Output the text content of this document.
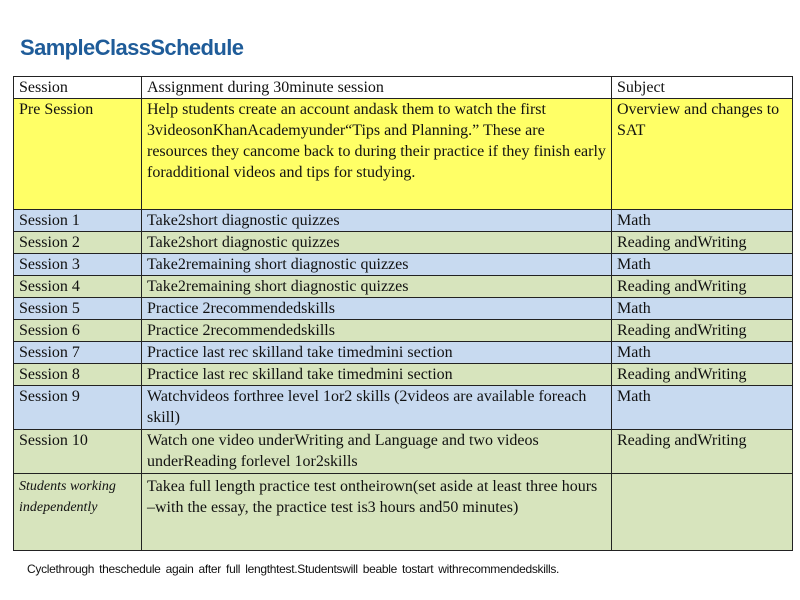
SampleClassSchedule
Session	Assignment during 30minute session	Subject
Pre Session	Help students create an account andask them to watch the first 3videosonKhanAcademyunder“Tips and Planning.” These are resources they cancome back to during their practice if they finish early foradditional videos and tips for studying.	Overview and changes to SAT
Session 1	Take2short diagnostic quizzes	Math
Session 2	Take2short diagnostic quizzes	Reading andWriting
Session 3	Take2remaining short diagnostic quizzes	Math
Session 4	Take2remaining short diagnostic quizzes	Reading andWriting
Session 5	Practice 2recommendedskills	Math
Session 6	Practice 2recommendedskills	Reading andWriting
Session 7	Practice last rec skilland take timedmini section	Math
Session 8	Practice last rec skilland take timedmini section	Reading andWriting
Session 9	Watchvideos forthree level 1or2 skills (2videos are available foreach skill)	Math
Session 10	Watch one video underWriting and Language and two videos underReading forlevel 1or2skills	Reading andWriting
Students working independently	Takea full length practice test ontheirown(set aside at least three hours –with the essay, the practice test is3 hours and50 minutes)	
Cyclethrough theschedule again after full lengthtest.Studentswill beable tostart withrecommendedskills.
